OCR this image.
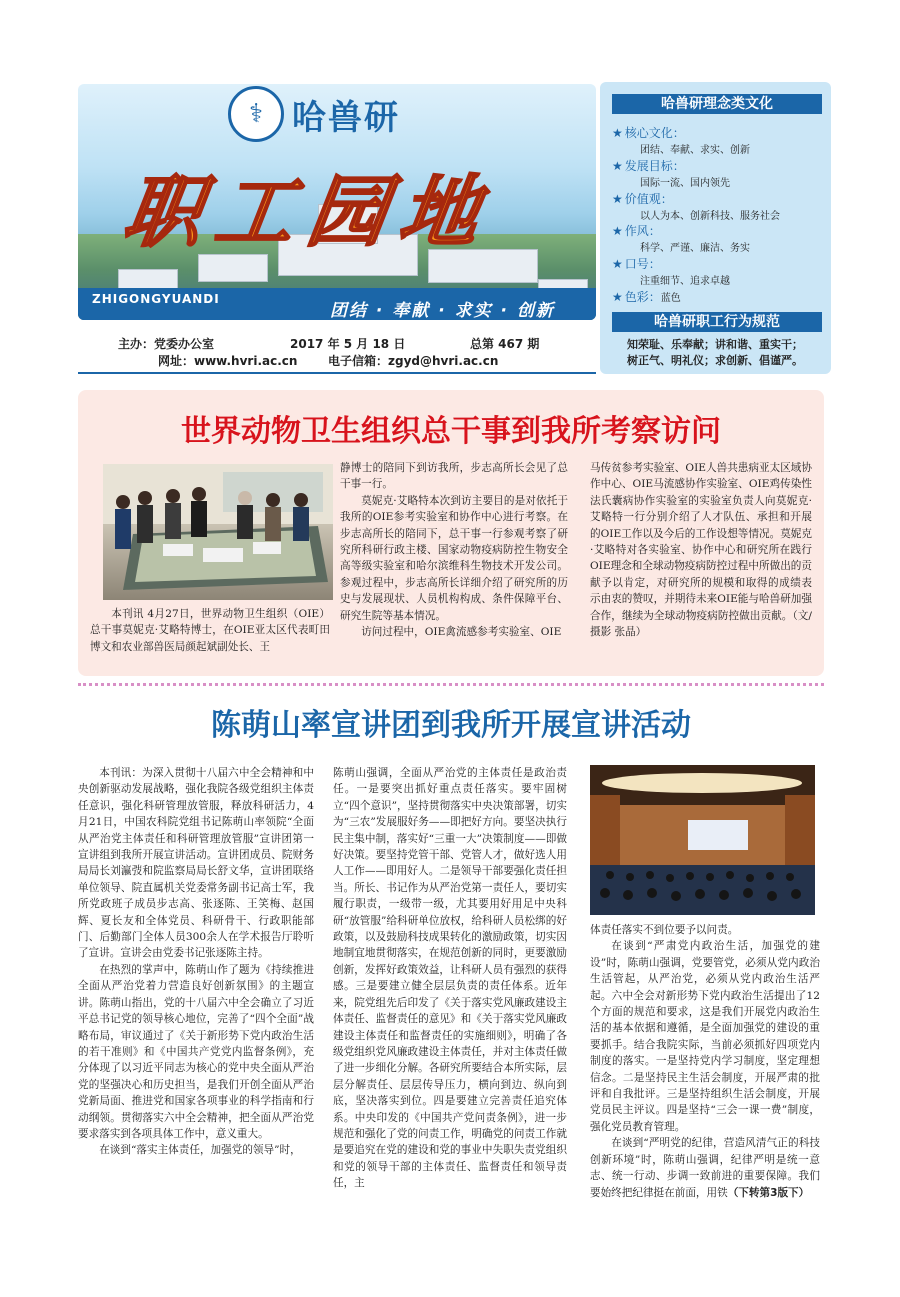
⚕ 哈兽研
职工园地
ZHIGONGYUANDI
团结 · 奉献 · 求实 · 创新
主办：党委办公室	2017 年 5 月 18 日	总第 467 期
网址：www.hvri.ac.cn	电子信箱：zgyd@hvri.ac.cn
哈兽研理念类文化
★ 核心文化：
团结、奉献、求实、创新
★ 发展目标：
国际一流、国内领先
★ 价值观：
以人为本、创新科技、服务社会
★ 作风：
科学、严谨、廉洁、务实
★ 口号：
注重细节、追求卓越
★ 色彩：蓝色
哈兽研职工行为规范
知荣耻、乐奉献；讲和谐、重实干；
树正气、明礼仪；求创新、倡谨严。
世界动物卫生组织总干事到我所考察访问

本刊讯 4月27日，世界动物卫生组织（OIE）总干事莫妮克·艾略特博士，在OIE亚太区代表町田博文和农业部兽医局颜起斌副处长、王

静博士的陪同下到访我所，步志高所长会见了总干事一行。

莫妮克·艾略特本次到访主要目的是对依托于我所的OIE参考实验室和协作中心进行考察。在步志高所长的陪同下，总干事一行参观考察了研究所科研行政主楼、国家动物疫病防控生物安全高等级实验室和哈尔滨维科生物技术开发公司。参观过程中，步志高所长详细介绍了研究所的历史与发展现状、人员机构构成、条件保障平台、研究生院等基本情况。

访问过程中，OIE禽流感参考实验室、OIE

马传贫参考实验室、OIE人兽共患病亚太区域协作中心、OIE马流感协作实验室、OIE鸡传染性法氏囊病协作实验室的实验室负责人向莫妮克·艾略特一行分别介绍了人才队伍、承担和开展的OIE工作以及今后的工作设想等情况。莫妮克·艾略特对各实验室、协作中心和研究所在践行OIE理念和全球动物疫病防控过程中所做出的贡献予以肯定，对研究所的规模和取得的成绩表示由衷的赞叹，并期待未来OIE能与哈兽研加强合作，继续为全球动物疫病防控做出贡献。（文/摄影 张晶）

陈萌山率宣讲团到我所开展宣讲活动

本刊讯：为深入贯彻十八届六中全会精神和中央创新驱动发展战略，强化我院各级党组织主体责任意识，强化科研管理放管服，释放科研活力，4月21日，中国农科院党组书记陈萌山率领院“全面从严治党主体责任和科研管理放管服”宣讲团第一宣讲组到我所开展宣讲活动。宣讲团成员、院财务局局长刘瀛弢和院监察局局长舒文华，宣讲团联络单位领导、院直属机关党委常务副书记高士军，我所党政班子成员步志高、张逐陈、王笑梅、赵国辉、夏长友和全体党员、科研骨干、行政职能部门、后勤部门全体人员300余人在学术报告厅聆听了宣讲。宣讲会由党委书记张逐陈主持。

在热烈的掌声中，陈萌山作了题为《持续推进全面从严治党着力营造良好创新氛围》的主题宣讲。陈萌山指出，党的十八届六中全会确立了习近平总书记党的领导核心地位，完善了“四个全面”战略布局，审议通过了《关于新形势下党内政治生活的若干准则》和《中国共产党党内监督条例》，充分体现了以习近平同志为核心的党中央全面从严治党的坚强决心和历史担当，是我们开创全面从严治党新局面、推进党和国家各项事业的科学指南和行动纲领。贯彻落实六中全会精神，把全面从严治党要求落实到各项具体工作中，意义重大。

在谈到“落实主体责任，加强党的领导”时，

陈萌山强调，全面从严治党的主体责任是政治责任。一是要突出抓好重点责任落实。要牢固树立“四个意识”，坚持贯彻落实中央决策部署，切实为“三农”发展服好务——即把好方向。要坚决执行民主集中制，落实好“三重一大”决策制度——即做好决策。要坚持党管干部、党管人才，做好选人用人工作——即用好人。二是领导干部要强化责任担当。所长、书记作为从严治党第一责任人，要切实履行职责，一级带一级，尤其要用好用足中央科研“放管服”给科研单位放权，给科研人员松绑的好政策，以及鼓励科技成果转化的激励政策，切实因地制宜地贯彻落实，在规范创新的同时，更要激励创新，发挥好政策效益，让科研人员有强烈的获得感。三是要建立健全层层负责的责任体系。近年来，院党组先后印发了《关于落实党风廉政建设主体责任、监督责任的意见》和《关于落实党风廉政建设主体责任和监督责任的实施细则》，明确了各级党组织党风廉政建设主体责任，并对主体责任做了进一步细化分解。各研究所要结合本所实际，层层分解责任、层层传导压力，横向到边、纵向到底，坚决落实到位。四是要建立完善责任追究体系。中央印发的《中国共产党问责条例》，进一步规范和强化了党的问责工作，明确党的问责工作就是要追究在党的建设和党的事业中失职失责党组织和党的领导干部的主体责任、监督责任和领导责任，主

体责任落实不到位要予以问责。

在谈到“严肃党内政治生活，加强党的建设”时，陈萌山强调，党要管党，必须从党内政治生活管起，从严治党，必须从党内政治生活严起。六中全会对新形势下党内政治生活提出了12个方面的规范和要求，这是我们开展党内政治生活的基本依据和遵循，是全面加强党的建设的重要抓手。结合我院实际，当前必须抓好四项党内制度的落实。一是坚持党内学习制度，坚定理想信念。二是坚持民主生活会制度，开展严肃的批评和自我批评。三是坚持组织生活会制度，开展党员民主评议。四是坚持“三会一课一费”制度，强化党员教育管理。

在谈到“严明党的纪律，营造风清气正的科技创新环境”时，陈萌山强调，纪律严明是统一意志、统一行动、步调一致前进的重要保障。我们要始终把纪律挺在前面，用铁（下转第3版下）
